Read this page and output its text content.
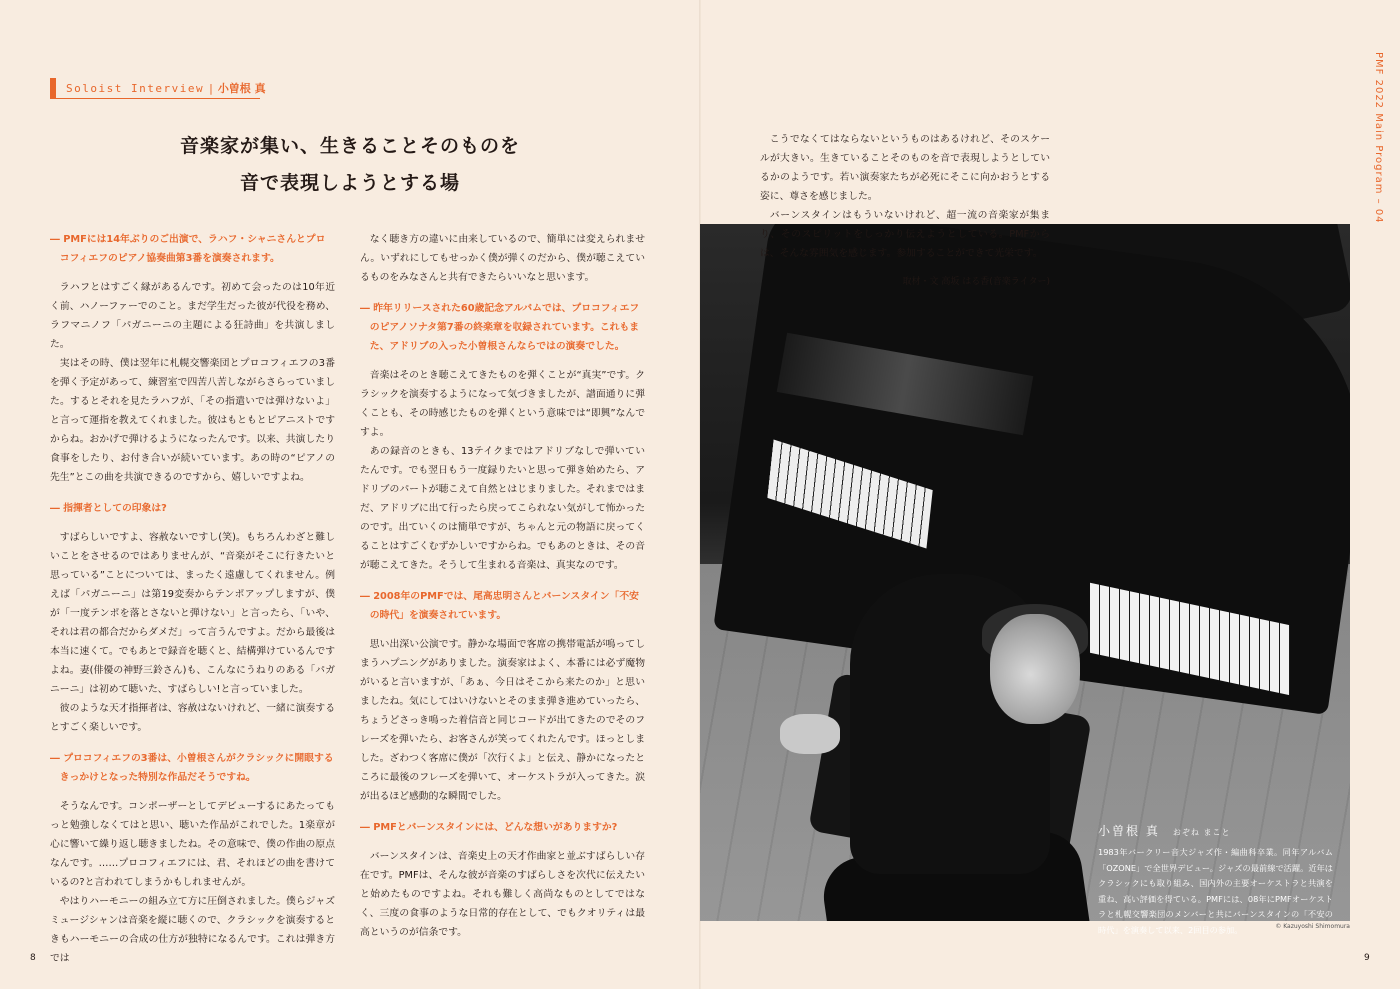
Soloist Interview | 小曽根 真
音楽家が集い、生きることそのものを
音で表現しようとする場

― PMFには14年ぶりのご出演で、ラハフ・シャニさんとプロコフィエフのピアノ協奏曲第3番を演奏されます。

ラハフとはすごく縁があるんです。初めて会ったのは10年近く前、ハノーファーでのこと。まだ学生だった彼が代役を務め、ラフマニノフ「パガニーニの主題による狂詩曲」を共演しました。

実はその時、僕は翌年に札幌交響楽団とプロコフィエフの3番を弾く予定があって、練習室で四苦八苦しながらさらっていました。するとそれを見たラハフが、「その指遣いでは弾けないよ」と言って運指を教えてくれました。彼はもともとピアニストですからね。おかげで弾けるようになったんです。以来、共演したり食事をしたり、お付き合いが続いています。あの時の“ピアノの先生”とこの曲を共演できるのですから、嬉しいですよね。

― 指揮者としての印象は?

すばらしいですよ、容赦ないですし(笑)。もちろんわざと難しいことをさせるのではありませんが、“音楽がそこに行きたいと思っている”ことについては、まったく遠慮してくれません。例えば「パガニーニ」は第19変奏からテンポアップしますが、僕が「一度テンポを落とさないと弾けない」と言ったら、「いや、それは君の都合だからダメだ」って言うんですよ。だから最後は本当に速くて。でもあとで録音を聴くと、結構弾けているんですよね。妻(俳優の神野三鈴さん)も、こんなにうねりのある「パガニーニ」は初めて聴いた、すばらしい!と言っていました。

彼のような天才指揮者は、容赦はないけれど、一緒に演奏するとすごく楽しいです。

― プロコフィエフの3番は、小曽根さんがクラシックに開眼するきっかけとなった特別な作品だそうですね。

そうなんです。コンポーザーとしてデビューするにあたってもっと勉強しなくてはと思い、聴いた作品がこれでした。1楽章が心に響いて繰り返し聴きましたね。その意味で、僕の作曲の原点なんです。……プロコフィエフには、君、それほどの曲を書けているの?と言われてしまうかもしれませんが。

やはりハーモニーの組み立て方に圧倒されました。僕らジャズミュージシャンは音楽を縦に聴くので、クラシックを演奏するときもハーモニーの合成の仕方が独特になるんです。これは弾き方では

なく聴き方の違いに由来しているので、簡単には変えられません。いずれにしてもせっかく僕が弾くのだから、僕が聴こえているものをみなさんと共有できたらいいなと思います。

― 昨年リリースされた60歳記念アルバムでは、プロコフィエフのピアノソナタ第7番の終楽章を収録されています。これもまた、アドリブの入った小曽根さんならではの演奏でした。

音楽はそのとき聴こえてきたものを弾くことが“真実”です。クラシックを演奏するようになって気づきましたが、譜面通りに弾くことも、その時感じたものを弾くという意味では“即興”なんですよ。

あの録音のときも、13テイクまではアドリブなしで弾いていたんです。でも翌日もう一度録りたいと思って弾き始めたら、アドリブのパートが聴こえて自然とはじまりました。それまではまだ、アドリブに出て行ったら戻ってこられない気がして怖かったのです。出ていくのは簡単ですが、ちゃんと元の物語に戻ってくることはすごくむずかしいですからね。でもあのときは、その音が聴こえてきた。そうして生まれる音楽は、真実なのです。

― 2008年のPMFでは、尾高忠明さんとバーンスタイン「不安の時代」を演奏されています。

思い出深い公演です。静かな場面で客席の携帯電話が鳴ってしまうハプニングがありました。演奏家はよく、本番には必ず魔物がいると言いますが、「あぁ、今日はそこから来たのか」と思いましたね。気にしてはいけないとそのまま弾き進めていったら、ちょうどさっき鳴った着信音と同じコードが出てきたのでそのフレーズを弾いたら、お客さんが笑ってくれたんです。ほっとしました。ざわつく客席に僕が「次行くよ」と伝え、静かになったところに最後のフレーズを弾いて、オーケストラが入ってきた。涙が出るほど感動的な瞬間でした。

― PMFとバーンスタインには、どんな想いがありますか?

バーンスタインは、音楽史上の天才作曲家と並ぶすばらしい存在です。PMFは、そんな彼が音楽のすばらしさを次代に伝えたいと始めたものですよね。それも難しく高尚なものとしてではなく、三度の食事のような日常的存在として、でもクオリティは最高というのが信条です。

こうでなくてはならないというものはあるけれど、そのスケールが大きい。生きていることそのものを音で表現しようとしているかのようです。若い演奏家たちが必死にそこに向かおうとする姿に、尊さを感じました。

バーンスタインはもういないけれど、超一流の音楽家が集まり、そのスピリットをしっかり伝えようとしている。PMFからは、そんな雰囲気を感じます。参加することができて光栄です。

取材・文 高坂 はる香(音楽ライター)
小曽根 真 おぞね まこと
1983年バークリー音大ジャズ作・編曲科卒業。同年アルバム「OZONE」で全世界デビュー。ジャズの最前線で活躍。近年はクラシックにも取り組み、国内外の主要オーケストラと共演を重ね、高い評価を得ている。PMFには、08年にPMFオーケストラと札幌交響楽団のメンバーと共にバーンスタインの「不安の時代」を演奏して以来、2回目の参加。	© Kazuyoshi Shimomura
PMF 2022 Main Program – 04
8	9
